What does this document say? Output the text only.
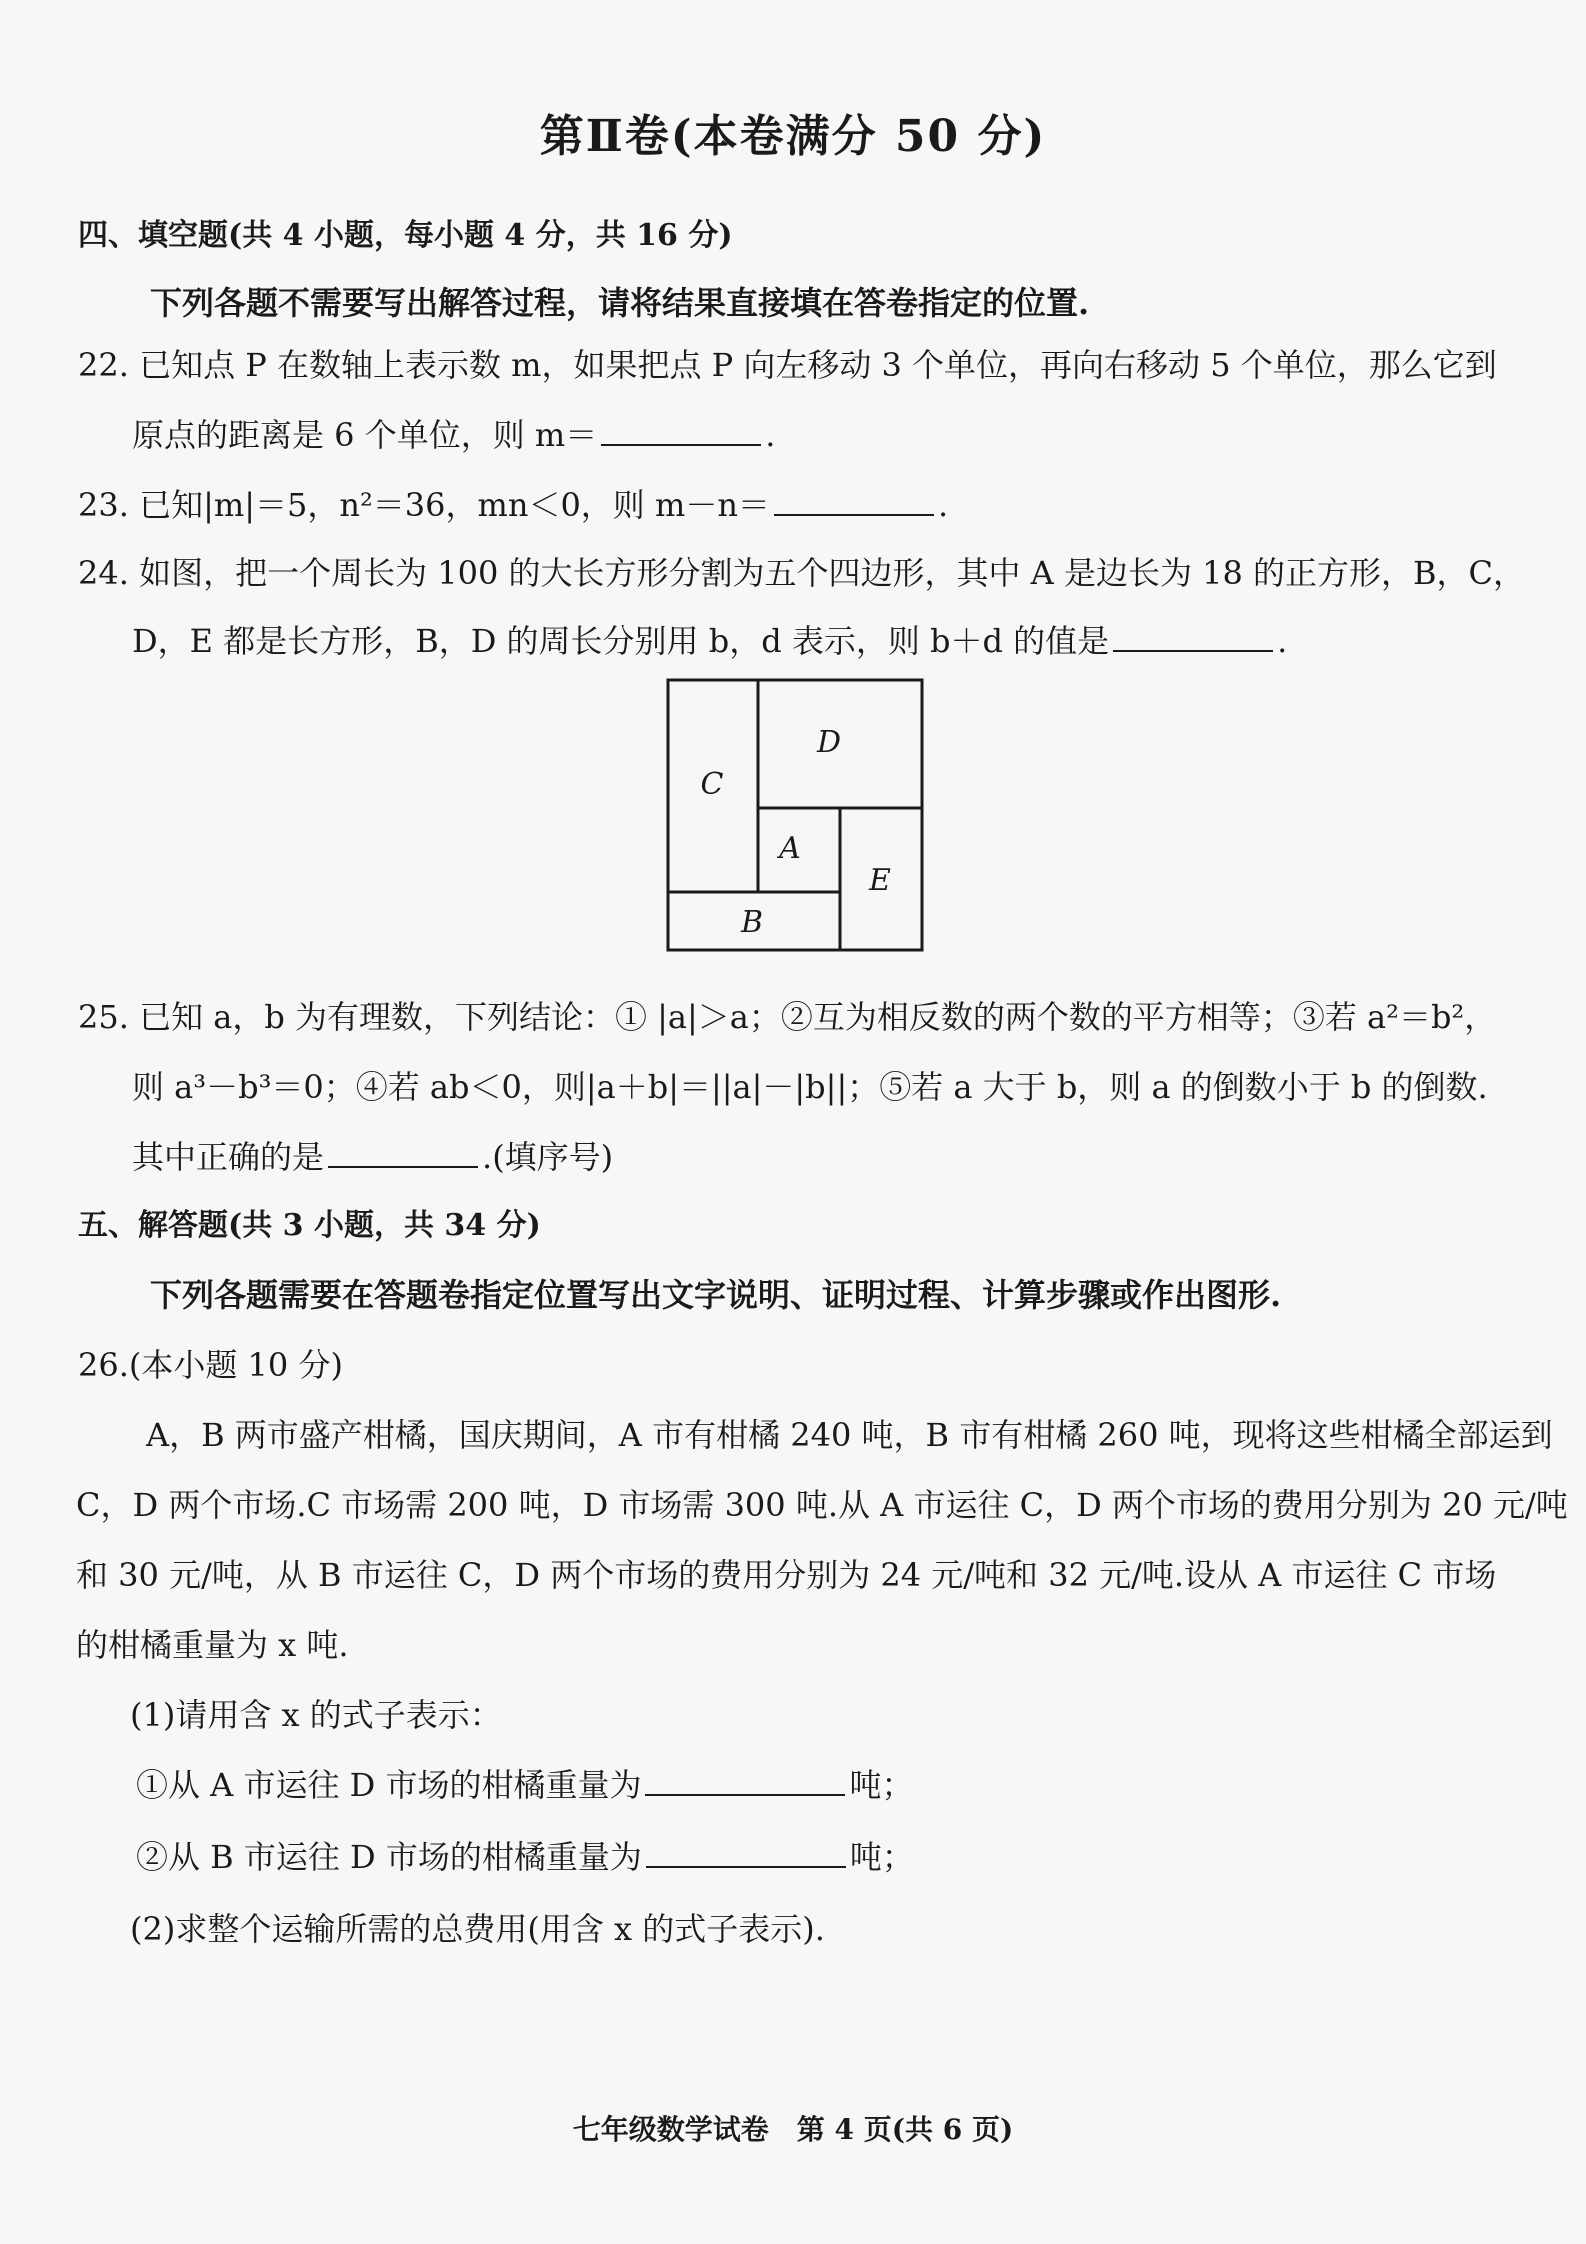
第Ⅱ卷(本卷满分 50 分)
四、填空题(共 4 小题，每小题 4 分，共 16 分)
下列各题不需要写出解答过程，请将结果直接填在答卷指定的位置.
22. 已知点 P 在数轴上表示数 m，如果把点 P 向左移动 3 个单位，再向右移动 5 个单位，那么它到
原点的距离是 6 个单位，则 m＝	.
23. 已知|m|＝5，n²＝36，mn＜0，则 m－n＝	.
24. 如图，把一个周长为 100 的大长方形分割为五个四边形，其中 A 是边长为 18 的正方形，B，C，
D，E 都是长方形，B，D 的周长分别用 b，d 表示，则 b＋d 的值是	.
C
D
A
E
B
25. 已知 a，b 为有理数，下列结论：① |a|＞a；②互为相反数的两个数的平方相等；③若 a²＝b²，
则 a³－b³＝0；④若 ab＜0，则|a＋b|＝||a|－|b||；⑤若 a 大于 b，则 a 的倒数小于 b 的倒数.
其中正确的是	.(填序号)
五、解答题(共 3 小题，共 34 分)
下列各题需要在答题卷指定位置写出文字说明、证明过程、计算步骤或作出图形.
26.(本小题 10 分)
A，B 两市盛产柑橘，国庆期间，A 市有柑橘 240 吨，B 市有柑橘 260 吨，现将这些柑橘全部运到
C，D 两个市场.C 市场需 200 吨，D 市场需 300 吨.从 A 市运往 C，D 两个市场的费用分别为 20 元/吨
和 30 元/吨，从 B 市运往 C，D 两个市场的费用分别为 24 元/吨和 32 元/吨.设从 A 市运往 C 市场
的柑橘重量为 x 吨.
(1)请用含 x 的式子表示：
①从 A 市运往 D 市场的柑橘重量为	吨；
②从 B 市运往 D 市场的柑橘重量为	吨；
(2)求整个运输所需的总费用(用含 x 的式子表示).
七年级数学试卷　第 4 页(共 6 页)
